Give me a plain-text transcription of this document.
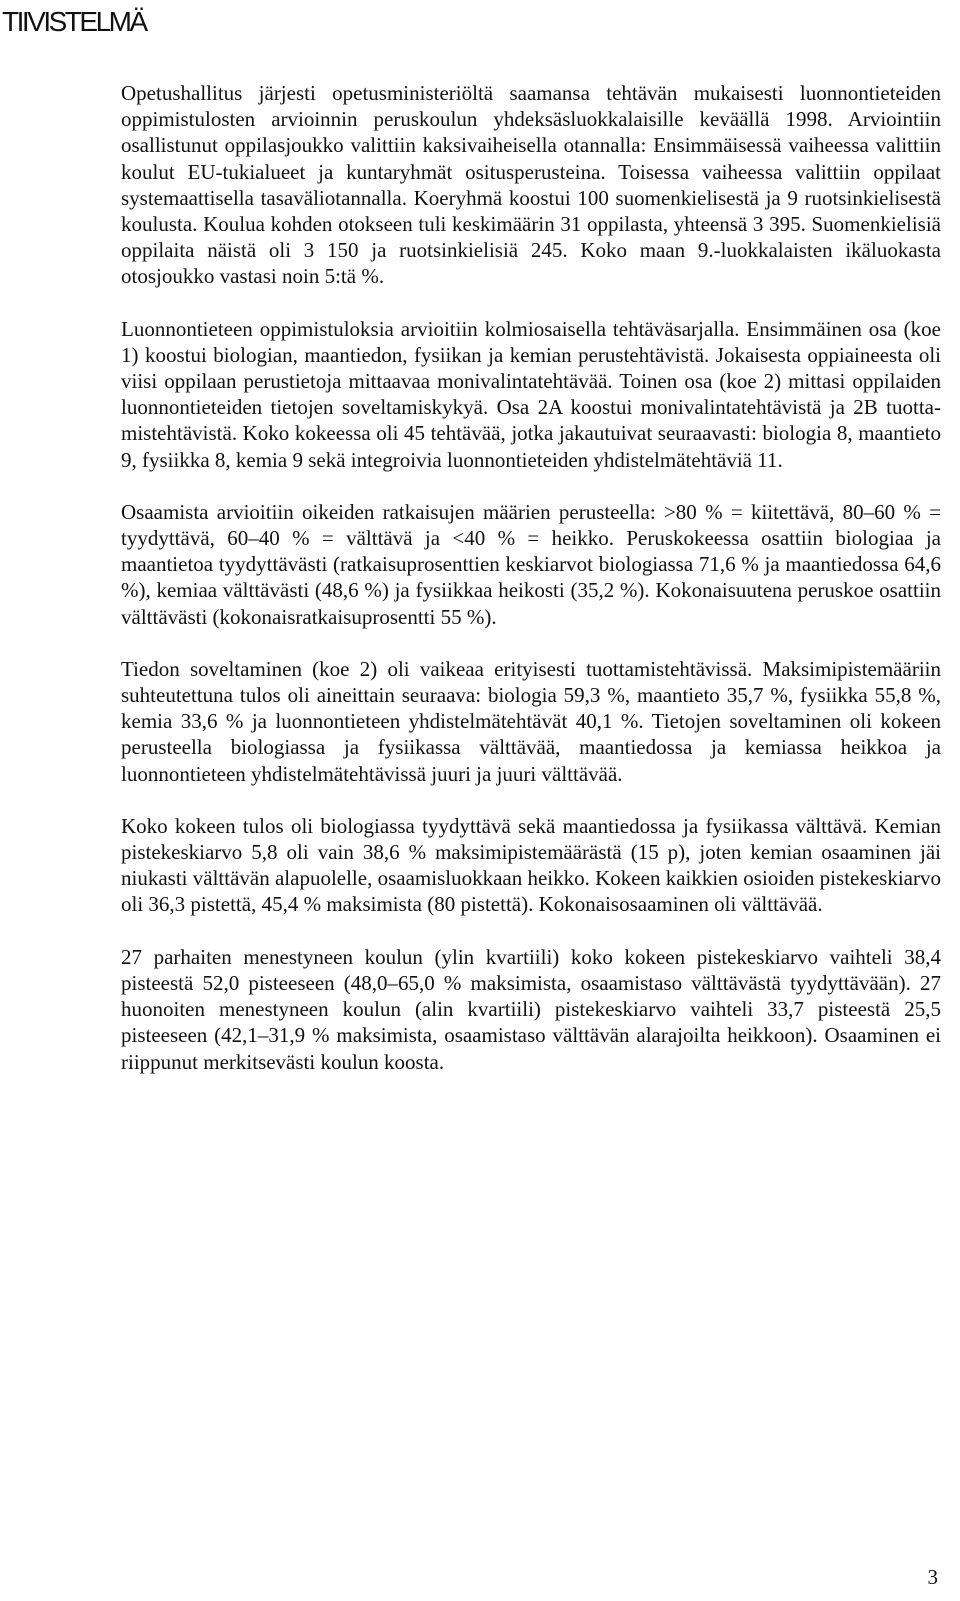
TIIVISTELMÄ

Opetushallitus järjesti opetusministeriöltä saamansa tehtävän mukaisesti luonnontieteiden oppimistulosten arvioinnin peruskoulun yhdeksäsluokkalaisille keväällä 1998. Arviointiin osallistunut oppilasjoukko valittiin kaksivaiheisella otannalla: Ensimmäisessä vaiheessa valittiin koulut EU-tukialueet ja kuntaryhmät ositusperusteina. Toisessa vaiheessa valittiin oppilaat systemaattisella tasaväliotannalla. Koeryhmä koostui 100 suomenkielisestä ja 9 ruotsinkielisestä koulusta. Koulua kohden otokseen tuli keskimäärin 31 oppilasta, yhteensä 3 395. Suomenkielisiä oppilaita näistä oli 3 150 ja ruotsinkielisiä 245. Koko maan 9.-luokkalaisten ikäluokasta otosjoukko vastasi noin 5:tä %.

Luonnontieteen oppimistuloksia arvioitiin kolmiosaisella tehtäväsarjalla. Ensimmäinen osa (koe 1) koostui biologian, maantiedon, fysiikan ja kemian perustehtävistä. Jokaisesta oppiaineesta oli viisi oppilaan perustietoja mittaavaa monivalintatehtävää. Toinen osa (koe 2) mittasi oppilaiden luonnontieteiden tietojen soveltamiskykyä. Osa 2A koostui monivalintatehtävistä ja 2B tuottamistehtävistä. Koko kokeessa oli 45 tehtävää, jotka jakautuivat seuraavasti: biologia 8, maantieto 9, fysiikka 8, kemia 9 sekä integroivia luonnontieteiden yhdistelmätehtäviä 11.

Osaamista arvioitiin oikeiden ratkaisujen määrien perusteella: >80 % = kiitettävä, 80–60 % = tyydyttävä, 60–40 % = välttävä ja <40 % = heikko. Peruskokeessa osattiin biologiaa ja maantietoa tyydyttävästi (ratkaisuprosenttien keskiarvot biologiassa 71,6 % ja maantiedossa 64,6 %), kemiaa välttävästi (48,6 %) ja fysiikkaa heikosti (35,2 %). Kokonaisuutena peruskoe osattiin välttävästi (kokonaisratkaisuprosentti 55 %).

Tiedon soveltaminen (koe 2) oli vaikeaa erityisesti tuottamistehtävissä. Maksimipistemääriin suhteutettuna tulos oli aineittain seuraava: biologia 59,3 %, maantieto 35,7 %, fysiikka 55,8 %, kemia 33,6 % ja luonnontieteen yhdistelmätehtävät 40,1 %. Tietojen soveltaminen oli kokeen perusteella biologiassa ja fysiikassa välttävää, maantiedossa ja kemiassa heikkoa ja luonnontieteen yhdistelmätehtävissä juuri ja juuri välttävää.

Koko kokeen tulos oli biologiassa tyydyttävä sekä maantiedossa ja fysiikassa välttävä. Kemian pistekeskiarvo 5,8 oli vain 38,6 % maksimipistemäärästä (15 p), joten kemian osaaminen jäi niukasti välttävän alapuolelle, osaamisluokkaan heikko. Kokeen kaikkien osioiden pistekeskiarvo oli 36,3 pistettä, 45,4 % maksimista (80 pistettä). Kokonaisosaaminen oli välttävää.

27 parhaiten menestyneen koulun (ylin kvartiili) koko kokeen pistekeskiarvo vaihteli 38,4 pisteestä 52,0 pisteeseen (48,0–65,0 % maksimista, osaamistaso välttävästä tyydyttävään). 27 huonoiten menestyneen koulun (alin kvartiili) pistekeskiarvo vaihteli 33,7 pisteestä 25,5 pisteeseen (42,1–31,9 % maksimista, osaamistaso välttävän alarajoilta heikkoon). Osaaminen ei riippunut merkitsevästi koulun koosta.

3
